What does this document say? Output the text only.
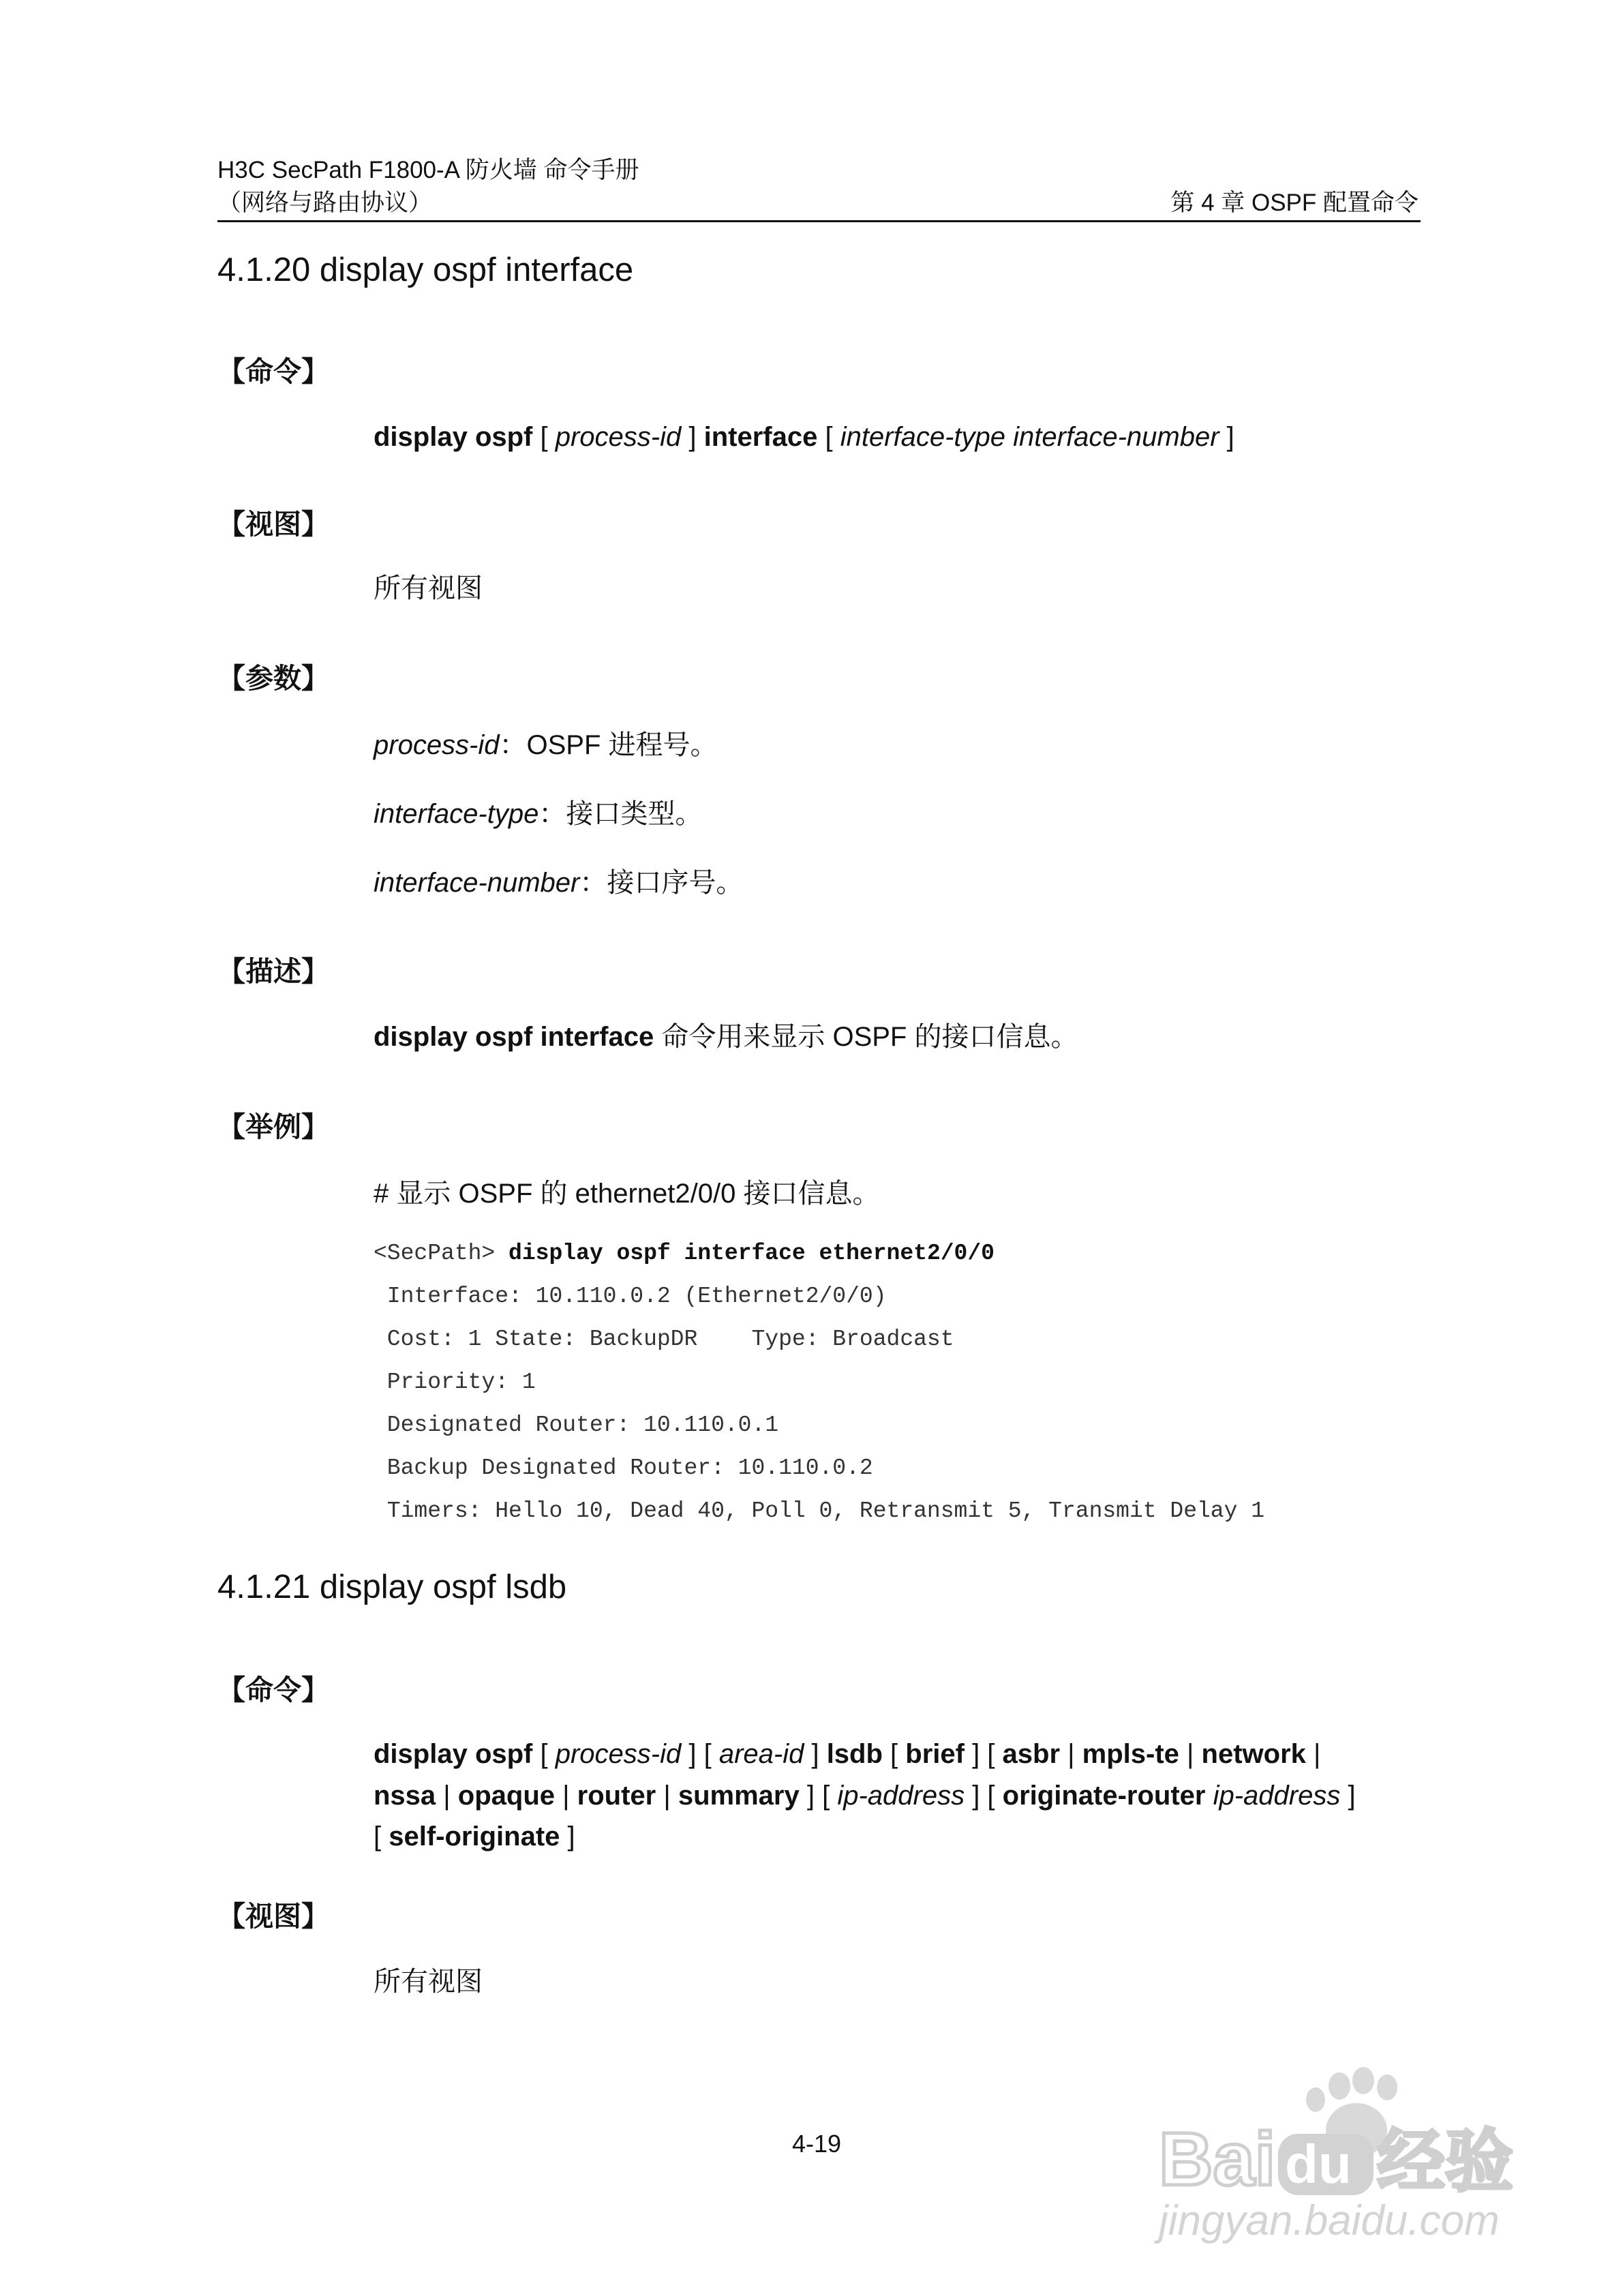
H3C SecPath F1800-A 防火墙 命令手册
（网络与路由协议）	第 4 章 OSPF 配置命令
4.1.20 display ospf interface
【命令】
display ospf [ process-id ] interface [ interface-type interface-number ]
【视图】
所有视图
【参数】
process-id：OSPF 进程号。
interface-type：接口类型。
interface-number：接口序号。
【描述】
display ospf interface 命令用来显示 OSPF 的接口信息。
【举例】
# 显示 OSPF 的 ethernet2/0/0 接口信息。
<SecPath> display ospf interface ethernet2/0/0
Interface: 10.110.0.2 (Ethernet2/0/0)
Cost: 1 State: BackupDR    Type: Broadcast
Priority: 1
Designated Router: 10.110.0.1
Backup Designated Router: 10.110.0.2
Timers: Hello 10, Dead 40, Poll 0, Retransmit 5, Transmit Delay 1
4.1.21 display ospf lsdb
【命令】
display ospf [ process-id ] [ area-id ] lsdb [ brief ] [ asbr | mpls-te | network |
nssa | opaque | router | summary ] [ ip-address ] [ originate-router ip-address ]
[ self-originate ]
【视图】
所有视图
4-19	Bai du 经验
jingyan.baidu.com
